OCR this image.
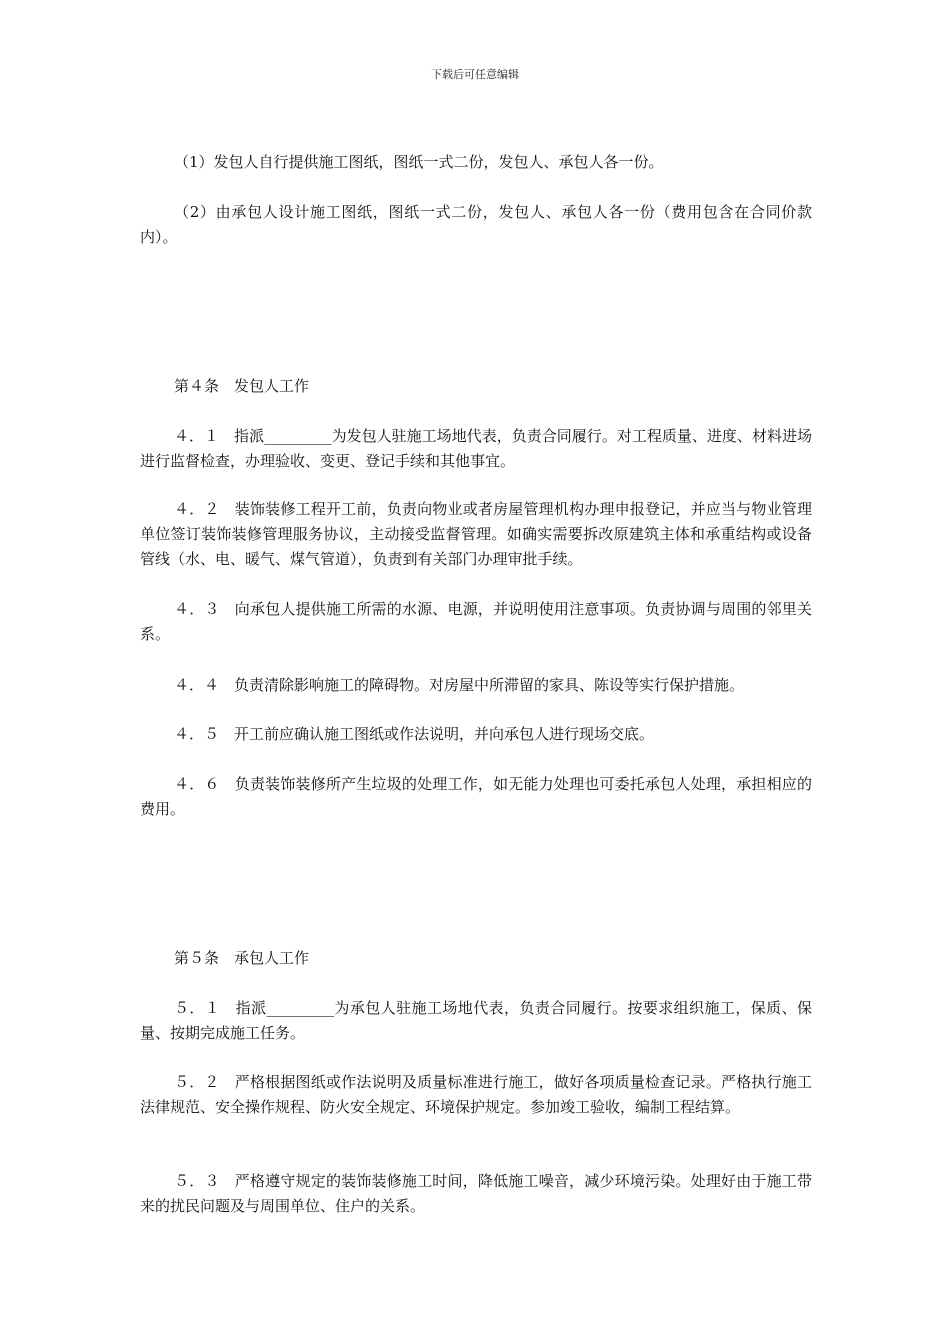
下载后可任意编辑

（1）发包人自行提供施工图纸，图纸一式二份，发包人、承包人各一份。

（2）由承包人设计施工图纸，图纸一式二份，发包人、承包人各一份（费用包含在合同价款内）。

第４条　发包人工作

４．１　指派_________为发包人驻施工场地代表，负责合同履行。对工程质量、进度、材料进场进行监督检查，办理验收、变更、登记手续和其他事宜。

４．２　装饰装修工程开工前，负责向物业或者房屋管理机构办理申报登记，并应当与物业管理单位签订装饰装修管理服务协议，主动接受监督管理。如确实需要拆改原建筑主体和承重结构或设备管线（水、电、暖气、煤气管道），负责到有关部门办理审批手续。

４．３　向承包人提供施工所需的水源、电源，并说明使用注意事项。负责协调与周围的邻里关系。

４．４　负责清除影响施工的障碍物。对房屋中所滞留的家具、陈设等实行保护措施。

４．５　开工前应确认施工图纸或作法说明，并向承包人进行现场交底。

４．６　负责装饰装修所产生垃圾的处理工作，如无能力处理也可委托承包人处理，承担相应的费用。

第５条　承包人工作

５．１　指派_________为承包人驻施工场地代表，负责合同履行。按要求组织施工，保质、保量、按期完成施工任务。

５．２　严格根据图纸或作法说明及质量标准进行施工，做好各项质量检查记录。严格执行施工法律规范、安全操作规程、防火安全规定、环境保护规定。参加竣工验收，编制工程结算。

５．３　严格遵守规定的装饰装修施工时间，降低施工噪音，减少环境污染。处理好由于施工带来的扰民问题及与周围单位、住户的关系。
